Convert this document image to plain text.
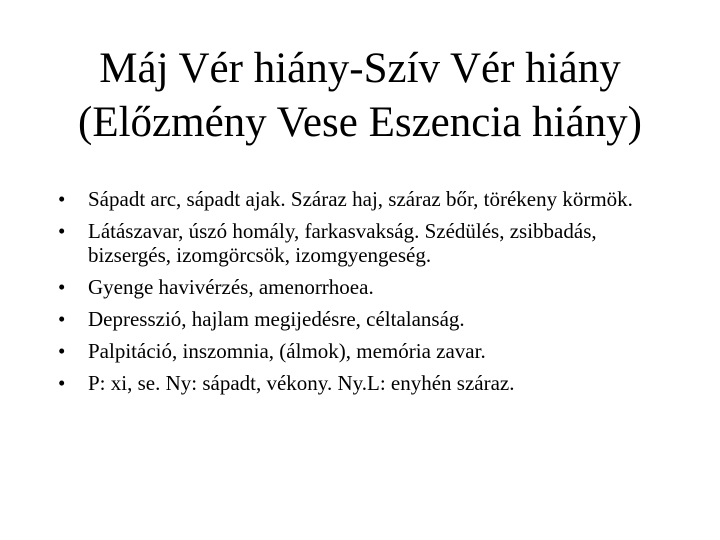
Máj Vér hiány-Szív Vér hiány
(Előzmény Vese Eszencia hiány)
•	Sápadt arc, sápadt ajak. Száraz haj, száraz bőr, törékeny körmök.
•	Látászavar, úszó homály, farkasvakság. Szédülés, zsibbadás, bizsergés, izomgörcsök, izomgyengeség.
•	Gyenge havivérzés, amenorrhoea.
•	Depresszió, hajlam megijedésre, céltalanság.
•	Palpitáció, inszomnia, (álmok), memória zavar.
•	P: xi, se. Ny: sápadt, vékony. Ny.L: enyhén száraz.
